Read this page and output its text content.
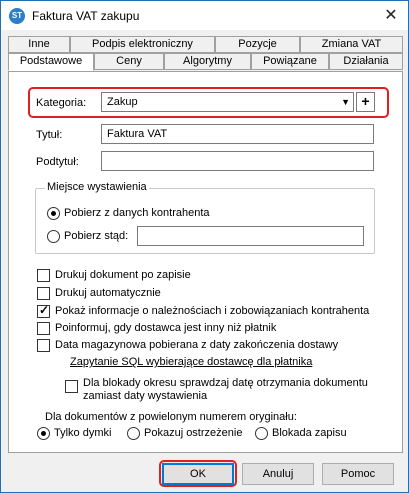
ST Faktura VAT zakupu	✕
Inne	Podpis elektroniczny	Pozycje	Zmiana VAT
Podstawowe	Ceny	Algorytmy	Powiązane	Działania
Kategoria: Zakup	▼ +
Tytuł:	Faktura VAT
Podtytuł:
Miejsce wystawienia
Pobierz z danych kontrahenta
Pobierz stąd:
Drukuj dokument po zapisie
Drukuj automatycznie
✓ Pokaż informacje o należnościach i zobowiązaniach kontrahenta
Poinformuj, gdy dostawca jest inny niż płatnik
Data magazynowa pobierana z daty zakończenia dostawy
Zapytanie SQL wybierające dostawcę dla płatnika
Dla blokady okresu sprawdzaj datę otrzymania dokumentu
zamiast daty wystawienia
Dla dokumentów z powielonym numerem oryginału:
Tylko dymki	Pokazuj ostrzeżenie	Blokada zapisu
OK	Anuluj	Pomoc
